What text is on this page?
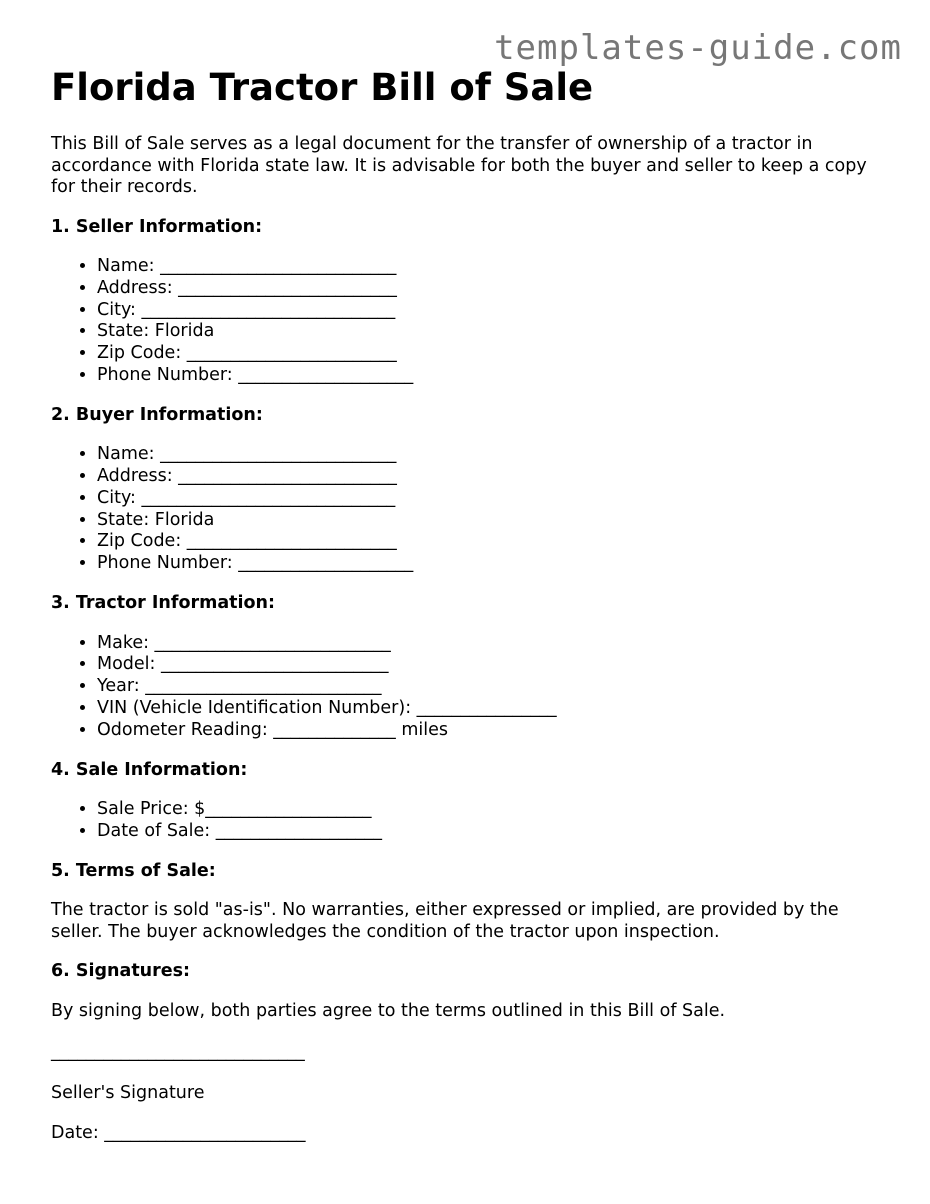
templates-guide.com
Florida Tractor Bill of Sale

This Bill of Sale serves as a legal document for the transfer of ownership of a tractor in accordance with Florida state law. It is advisable for both the buyer and seller to keep a copy for their records.

1. Seller Information:
• Name: ___________________________
• Address: _________________________
• City: _____________________________
• State: Florida
• Zip Code: ________________________
• Phone Number: ____________________
2. Buyer Information:
• Name: ___________________________
• Address: _________________________
• City: _____________________________
• State: Florida
• Zip Code: ________________________
• Phone Number: ____________________
3. Tractor Information:
• Make: ___________________________
• Model: __________________________
• Year: ___________________________
• VIN (Vehicle Identification Number): ________________
• Odometer Reading: ______________ miles
4. Sale Information:
• Sale Price: $___________________
• Date of Sale: ___________________
5. Terms of Sale:

The tractor is sold "as-is". No warranties, either expressed or implied, are provided by the seller. The buyer acknowledges the condition of the tractor upon inspection.

6. Signatures:

By signing below, both parties agree to the terms outlined in this Bill of Sale.

_____________________________

Seller's Signature

Date: _______________________
